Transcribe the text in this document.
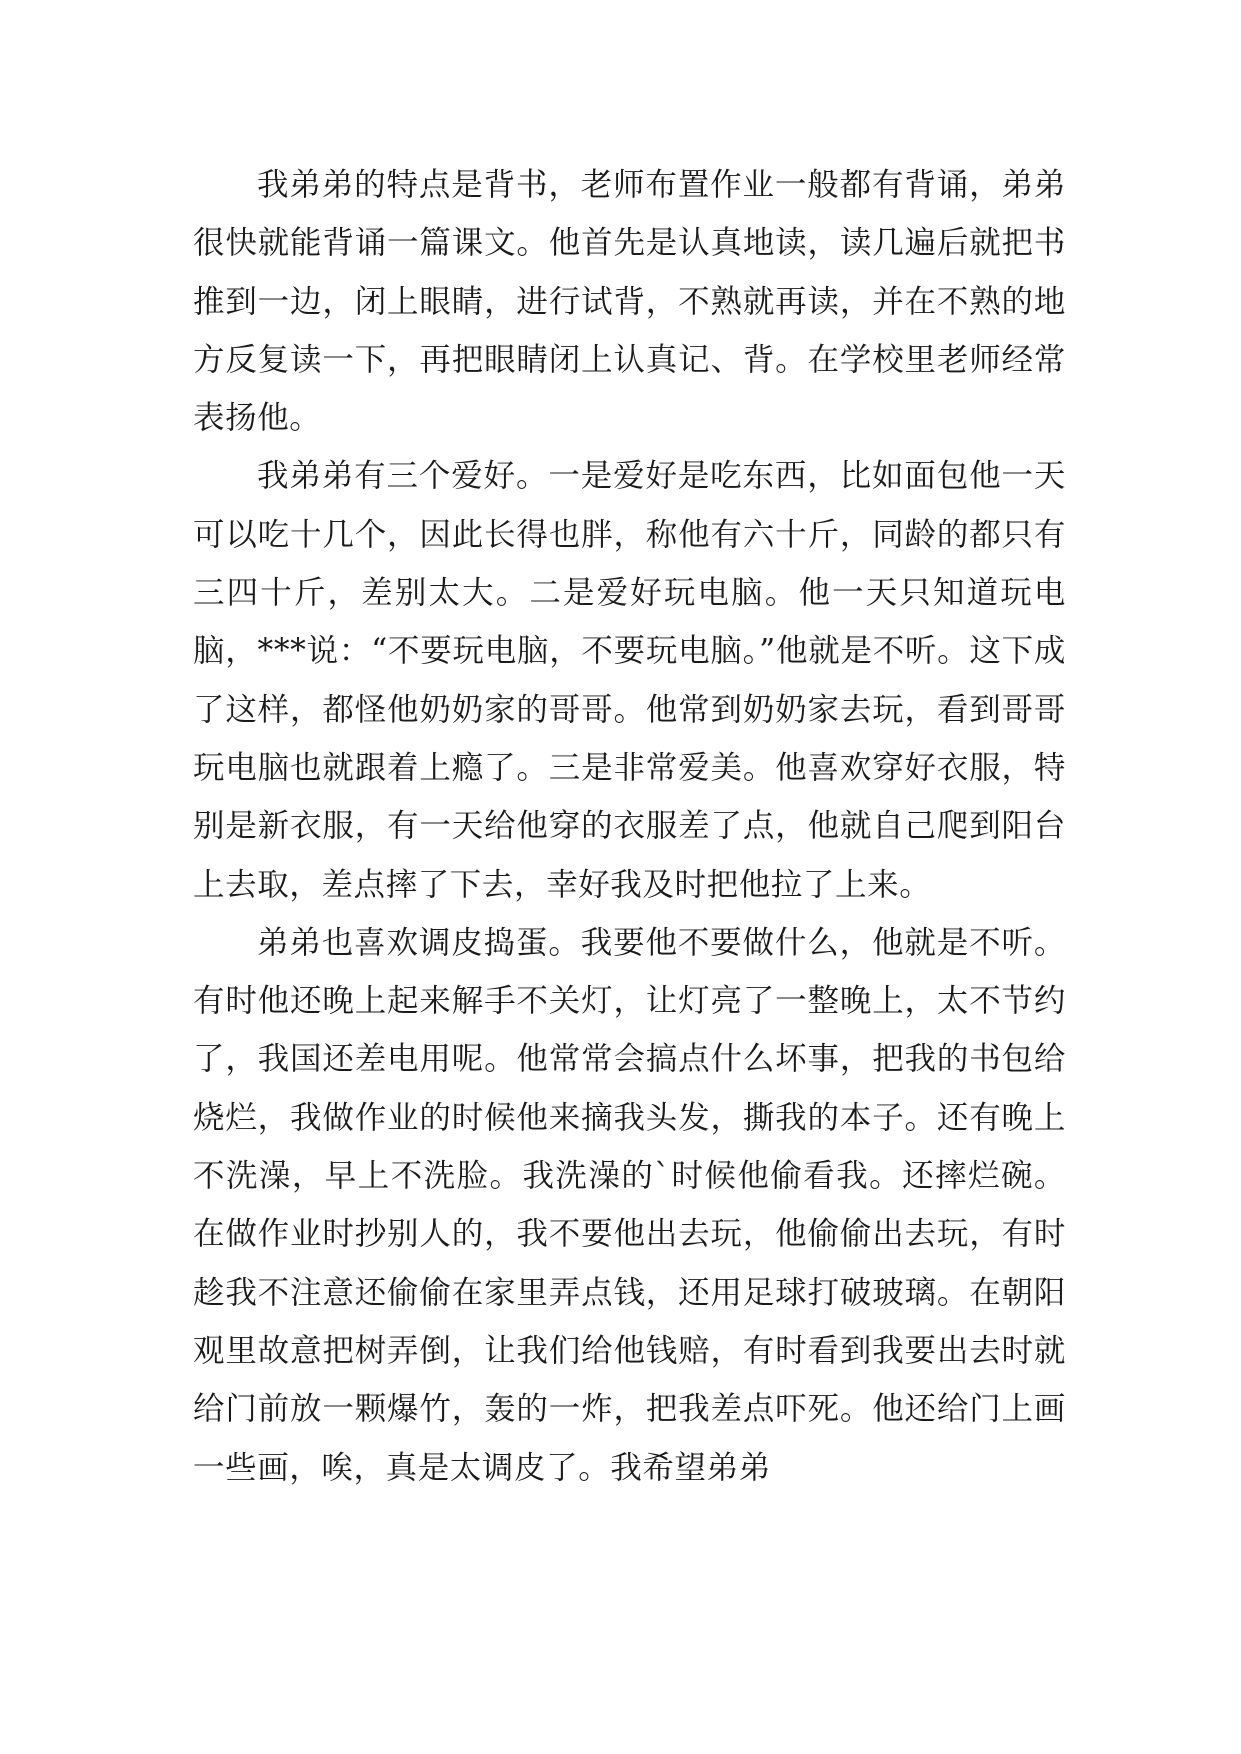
我弟弟的特点是背书，老师布置作业一般都有背诵，弟弟很快就能背诵一篇课文。他首先是认真地读，读几遍后就把书推到一边，闭上眼睛，进行试背，不熟就再读，并在不熟的地方反复读一下，再把眼睛闭上认真记、背。在学校里老师经常表扬他。

我弟弟有三个爱好。一是爱好是吃东西，比如面包他一天可以吃十几个，因此长得也胖，称他有六十斤，同龄的都只有三四十斤，差别太大。二是爱好玩电脑。他一天只知道玩电脑，***说：“不要玩电脑，不要玩电脑。”他就是不听。这下成了这样，都怪他奶奶家的哥哥。他常到奶奶家去玩，看到哥哥玩电脑也就跟着上瘾了。三是非常爱美。他喜欢穿好衣服，特别是新衣服，有一天给他穿的衣服差了点，他就自己爬到阳台上去取，差点摔了下去，幸好我及时把他拉了上来。

弟弟也喜欢调皮捣蛋。我要他不要做什么，他就是不听。有时他还晚上起来解手不关灯，让灯亮了一整晚上，太不节约了，我国还差电用呢。他常常会搞点什么坏事，把我的书包给烧烂，我做作业的时候他来摘我头发，撕我的本子。还有晚上不洗澡，早上不洗脸。我洗澡的`时候他偷看我。还摔烂碗。在做作业时抄别人的，我不要他出去玩，他偷偷出去玩，有时趁我不注意还偷偷在家里弄点钱，还用足球打破玻璃。在朝阳观里故意把树弄倒，让我们给他钱赔，有时看到我要出去时就给门前放一颗爆竹，轰的一炸，把我差点吓死。他还给门上画一些画，唉，真是太调皮了。我希望弟弟
